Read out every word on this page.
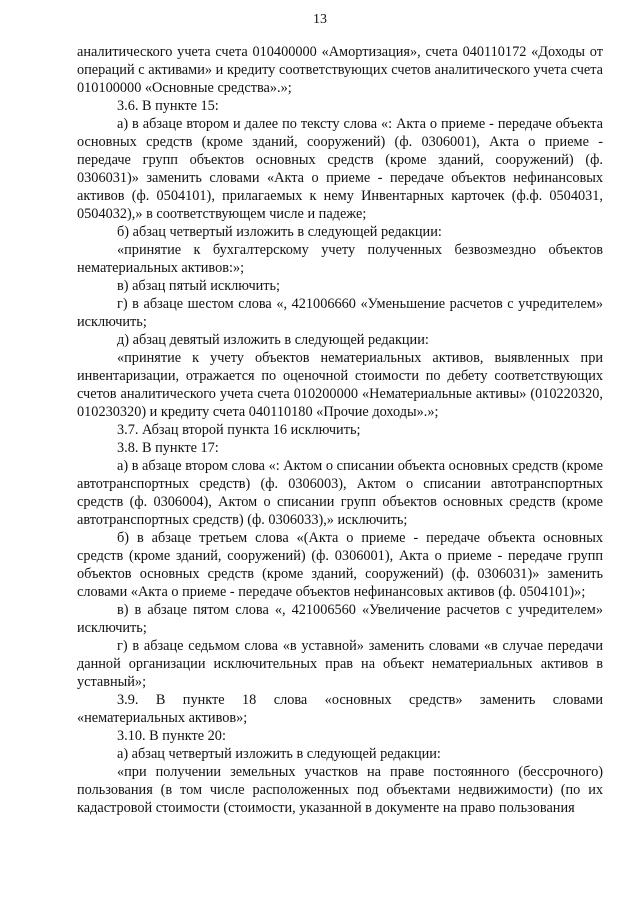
13

аналитического учета счета 010400000 «Амортизация», счета 040110172 «Доходы от операций с активами» и кредиту соответствующих счетов аналитического учета счета 010100000 «Основные средства».»;

3.6. В пункте 15:

а) в абзаце втором и далее по тексту слова «: Акта о приеме - передаче объекта основных средств (кроме зданий, сооружений) (ф. 0306001), Акта о приеме - передаче групп объектов основных средств (кроме зданий, сооружений) (ф. 0306031)» заменить словами «Акта о приеме - передаче объектов нефинансовых активов (ф. 0504101), прилагаемых к нему Инвентарных карточек (ф.ф. 0504031, 0504032),» в соответствующем числе и падеже;

б) абзац четвертый изложить в следующей редакции:

«принятие к бухгалтерскому учету полученных безвозмездно объектов нематериальных активов:»;

в) абзац пятый исключить;

г) в абзаце шестом слова «, 421006660 «Уменьшение расчетов с учредителем» исключить;

д) абзац девятый изложить в следующей редакции:

«принятие к учету объектов нематериальных активов, выявленных при инвентаризации, отражается по оценочной стоимости по дебету соответствующих счетов аналитического учета счета 010200000 «Нематериальные активы» (010220320, 010230320) и кредиту счета 040110180 «Прочие доходы».»;

3.7. Абзац второй пункта 16 исключить;

3.8. В пункте 17:

а) в абзаце втором слова «: Актом о списании объекта основных средств (кроме автотранспортных средств) (ф. 0306003), Актом о списании автотранспортных средств (ф. 0306004), Актом о списании групп объектов основных средств (кроме автотранспортных средств) (ф. 0306033),» исключить;

б) в абзаце третьем слова «(Акта о приеме - передаче объекта основных средств (кроме зданий, сооружений) (ф. 0306001), Акта о приеме - передаче групп объектов основных средств (кроме зданий, сооружений) (ф. 0306031)» заменить словами «Акта о приеме - передаче объектов нефинансовых активов (ф. 0504101)»;

в) в абзаце пятом слова «, 421006560 «Увеличение расчетов с учредителем» исключить;

г) в абзаце седьмом слова «в уставной» заменить словами «в случае передачи данной организации исключительных прав на объект нематериальных активов в уставный»;

3.9. В пункте 18 слова «основных средств» заменить словами «нематериальных активов»;

3.10. В пункте 20:

а) абзац четвертый изложить в следующей редакции:

«при получении земельных участков на праве постоянного (бессрочного) пользования (в том числе расположенных под объектами недвижимости) (по их кадастровой стоимости (стоимости, указанной в документе на право пользования
